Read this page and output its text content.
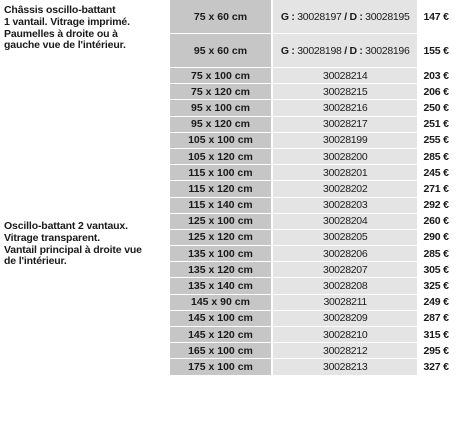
Châssis oscillo-battant
1 vantail. Vitrage imprimé.
Paumelles à droite ou à
gauche vue de l'intérieur.
Oscillo-battant 2 vantaux.
Vitrage transparent.
Vantail principal à droite vue
de l'intérieur.
75 x 60 cm	G : 30028197 / D : 30028195	147 €
95 x 60 cm	G : 30028198 / D : 30028196	155 €
75 x 100 cm	30028214	203 €
75 x 120 cm	30028215	206 €
95 x 100 cm	30028216	250 €
95 x 120 cm	30028217	251 €
105 x 100 cm	30028199	255 €
105 x 120 cm	30028200	285 €
115 x 100 cm	30028201	245 €
115 x 120 cm	30028202	271 €
115 x 140 cm	30028203	292 €
125 x 100 cm	30028204	260 €
125 x 120 cm	30028205	290 €
135 x 100 cm	30028206	285 €
135 x 120 cm	30028207	305 €
135 x 140 cm	30028208	325 €
145 x 90 cm	30028211	249 €
145 x 100 cm	30028209	287 €
145 x 120 cm	30028210	315 €
165 x 100 cm	30028212	295 €
175 x 100 cm	30028213	327 €
